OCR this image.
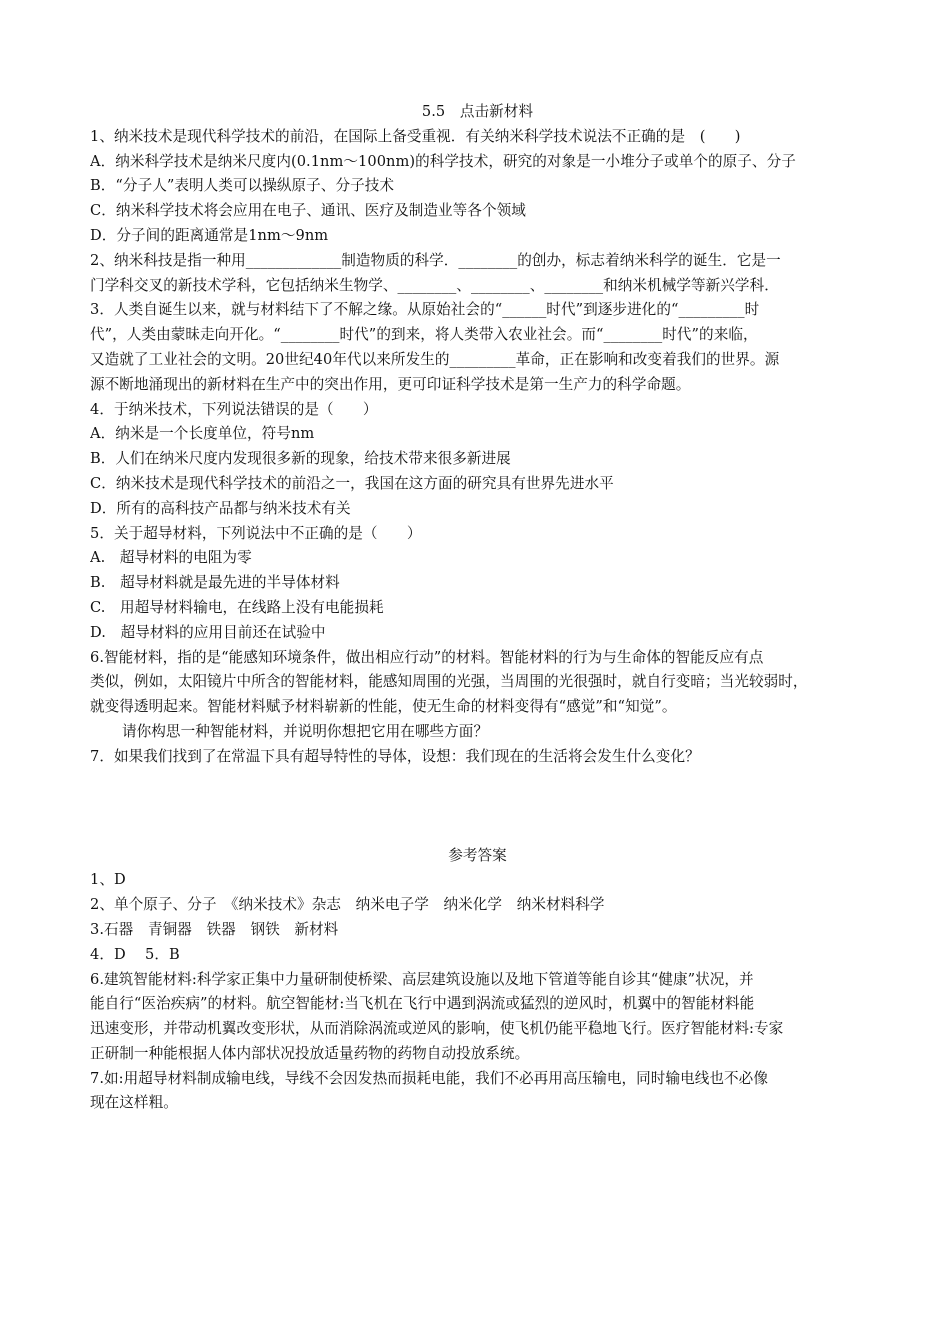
5.5　点击新材料
1、纳米技术是现代科学技术的前沿，在国际上备受重视．有关纳米科学技术说法不正确的是　(　　)
A．纳米科学技术是纳米尺度内(0.1nm～100nm)的科学技术，研究的对象是一小堆分子或单个的原子、分子
B．“分子人”表明人类可以操纵原子、分子技术
C．纳米科学技术将会应用在电子、通讯、医疗及制造业等各个领域
D．分子间的距离通常是1nm～9nm
2、纳米科技是指一种用_____________制造物质的科学．________的创办，标志着纳米科学的诞生．它是一
门学科交叉的新技术学科，它包括纳米生物学、________、________、________和纳米机械学等新兴学科．
3．人类自诞生以来，就与材料结下了不解之缘。从原始社会的“______时代”到逐步进化的“_________时
代”，人类由蒙昧走向开化。“________时代”的到来，将人类带入农业社会。而“________时代”的来临，
又造就了工业社会的文明。20世纪40年代以来所发生的_________革命，正在影响和改变着我们的世界。源
源不断地涌现出的新材料在生产中的突出作用，更可印证科学技术是第一生产力的科学命题。
4．于纳米技术，下列说法错误的是（　　）
A．纳米是一个长度单位，符号nm
B．人们在纳米尺度内发现很多新的现象，给技术带来很多新进展
C．纳米技术是现代科学技术的前沿之一，我国在这方面的研究具有世界先进水平
D．所有的高科技产品都与纳米技术有关
5．关于超导材料，下列说法中不正确的是（　　）
A.　超导材料的电阻为零
B.　超导材料就是最先进的半导体材料
C.　用超导材料输电，在线路上没有电能损耗
D.　超导材料的应用目前还在试验中
6.智能材料，指的是“能感知环境条件，做出相应行动”的材料。智能材料的行为与生命体的智能反应有点
类似，例如，太阳镜片中所含的智能材料，能感知周围的光强，当周围的光很强时，就自行变暗；当光较弱时，
就变得透明起来。智能材料赋予材料崭新的性能，使无生命的材料变得有“感觉”和“知觉”。
请你构思一种智能材料，并说明你想把它用在哪些方面？
7．如果我们找到了在常温下具有超导特性的导体，设想：我们现在的生活将会发生什么变化？
参考答案
1、D
2、单个原子、分子　《纳米技术》杂志　纳米电子学　纳米化学　纳米材料科学
3.石器　青铜器　铁器　钢铁　新材料
4．D　 5．B
6.建筑智能材料:科学家正集中力量研制使桥梁、高层建筑设施以及地下管道等能自诊其“健康”状况，并
能自行“医治疾病”的材料。航空智能材:当飞机在飞行中遇到涡流或猛烈的逆风时，机翼中的智能材料能
迅速变形，并带动机翼改变形状，从而消除涡流或逆风的影响，使飞机仍能平稳地飞行。医疗智能材料:专家
正研制一种能根据人体内部状况投放适量药物的药物自动投放系统。
7.如:用超导材料制成输电线，导线不会因发热而损耗电能，我们不必再用高压输电，同时输电线也不必像
现在这样粗。
